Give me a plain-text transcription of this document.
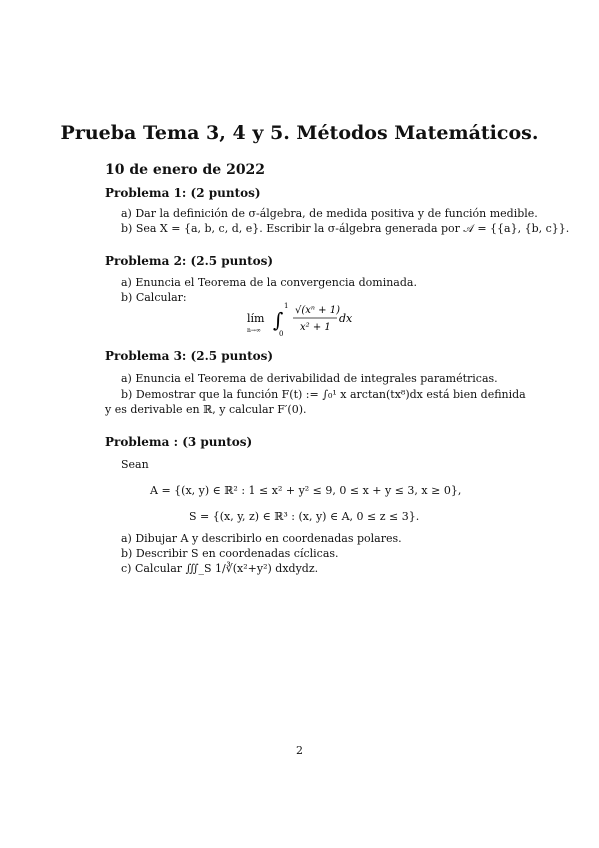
Prueba Tema 3, 4 y 5. Métodos Matemáticos.
10 de enero de 2022
Problema 1: (2 puntos)
a) Dar la definición de σ-álgebra, de medida positiva y de función medible.
b) Sea X = {a, b, c, d, e}. Escribir la σ-álgebra generada por 𝒜 = {{a}, {b, c}}.
Problema 2: (2.5 puntos)
a) Enuncia el Teorema de la convergencia dominada.
b) Calcular:
lím
n→∞ ∫
1
0
√(xⁿ + 1)
x² + 1
dx
Problema 3: (2.5 puntos)
a) Enuncia el Teorema de derivabilidad de integrales paramétricas.
b) Demostrar que la función F(t) := ∫₀¹ x arctan(tx⁸)dx está bien definida
y es derivable en ℝ, y calcular F′(0).
Problema : (3 puntos)
Sean
A = {(x, y) ∈ ℝ² : 1 ≤ x² + y² ≤ 9, 0 ≤ x + y ≤ 3, x ≥ 0},
S = {(x, y, z) ∈ ℝ³ : (x, y) ∈ A, 0 ≤ z ≤ 3}.
a) Dibujar A y describirlo en coordenadas polares.
b) Describir S en coordenadas cíclicas.
c) Calcular ∭_S 1/∛(x²+y²) dxdydz.
2
